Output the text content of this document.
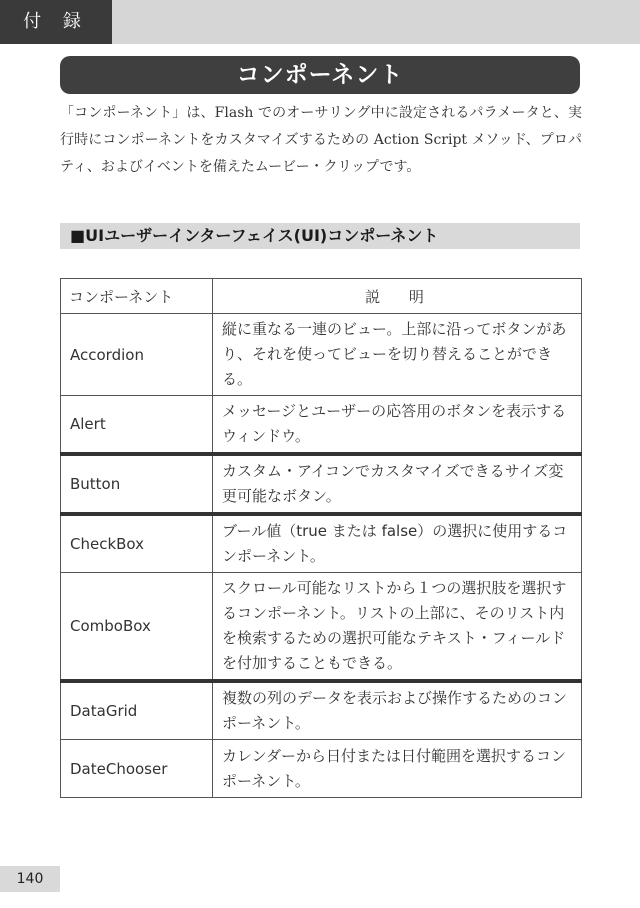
付 録
コンポーネント

「コンポーネント」は、Flash でのオーサリング中に設定されるパラメータと、実行時にコンポーネントをカスタマイズするための Action Script メソッド、プロパティ、およびイベントを備えたムービー・クリップです。

■UIユーザーインターフェイス(UI)コンポーネント
コンポーネント	説 明
Accordion	縦に重なる一連のビュー。上部に沿ってボタンがあり、それを使ってビューを切り替えることができる。
Alert	メッセージとユーザーの応答用のボタンを表示するウィンドウ。
Button	カスタム・アイコンでカスタマイズできるサイズ変更可能なボタン。
CheckBox	ブール値（true または false）の選択に使用するコンポーネント。
ComboBox	スクロール可能なリストから１つの選択肢を選択するコンポーネント。リストの上部に、そのリスト内を検索するための選択可能なテキスト・フィールドを付加することもできる。
DataGrid	複数の列のデータを表示および操作するためのコンポーネント。
DateChooser	カレンダーから日付または日付範囲を選択するコンポーネント。
140
